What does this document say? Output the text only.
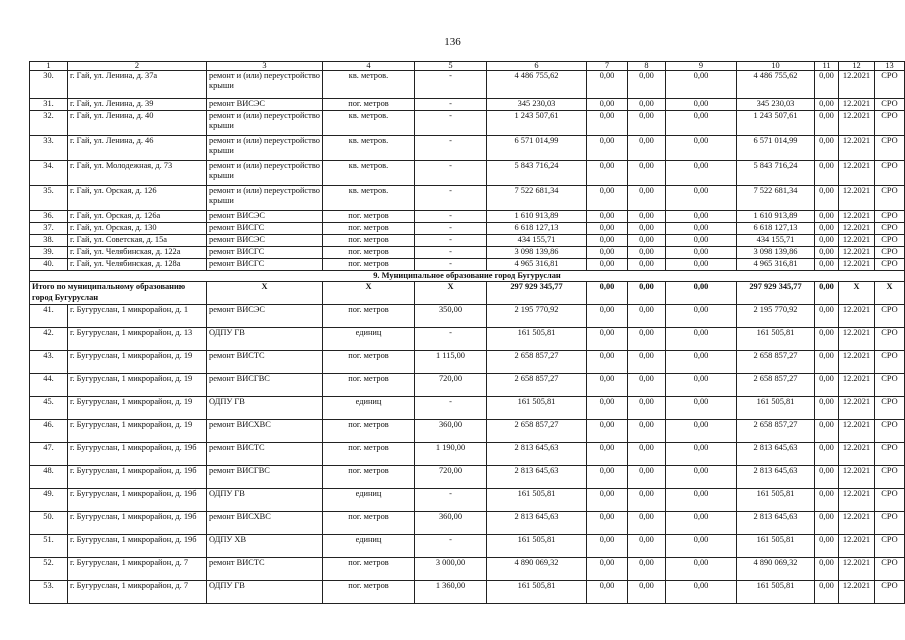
136
1	2	3	4	5	6	7	8	9	10	11	12	13
30.	г. Гай, ул. Ленина, д. 37а	ремонт и (или) переустройство крыши	кв. метров.	-	4 486 755,62	0,00	0,00	0,00	4 486 755,62	0,00	12.2021	СРО
31.	г. Гай, ул. Ленина, д. 39	ремонт ВИСЭС	пог. метров	-	345 230,03	0,00	0,00	0,00	345 230,03	0,00	12.2021	СРО
32.	г. Гай, ул. Ленина, д. 40	ремонт и (или) переустройство крыши	кв. метров.	-	1 243 507,61	0,00	0,00	0,00	1 243 507,61	0,00	12.2021	СРО
33.	г. Гай, ул. Ленина, д. 46	ремонт и (или) переустройство крыши	кв. метров.	-	6 571 014,99	0,00	0,00	0,00	6 571 014,99	0,00	12.2021	СРО
34.	г. Гай, ул. Молодежная, д. 73	ремонт и (или) переустройство крыши	кв. метров.	-	5 843 716,24	0,00	0,00	0,00	5 843 716,24	0,00	12.2021	СРО
35.	г. Гай, ул. Орская, д. 126	ремонт и (или) переустройство крыши	кв. метров.	-	7 522 681,34	0,00	0,00	0,00	7 522 681,34	0,00	12.2021	СРО
36.	г. Гай, ул. Орская, д. 126а	ремонт ВИСЭС	пог. метров	-	1 610 913,89	0,00	0,00	0,00	1 610 913,89	0,00	12.2021	СРО
37.	г. Гай, ул. Орская, д. 130	ремонт ВИСГС	пог. метров	-	6 618 127,13	0,00	0,00	0,00	6 618 127,13	0,00	12.2021	СРО
38.	г. Гай, ул. Советская, д. 15а	ремонт ВИСЭС	пог. метров	-	434 155,71	0,00	0,00	0,00	434 155,71	0,00	12.2021	СРО
39.	г. Гай, ул. Челябинская, д. 122а	ремонт ВИСГС	пог. метров	-	3 098 139,86	0,00	0,00	0,00	3 098 139,86	0,00	12.2021	СРО
40.	г. Гай, ул. Челябинская, д. 128а	ремонт ВИСГС	пог. метров	-	4 965 316,81	0,00	0,00	0,00	4 965 316,81	0,00	12.2021	СРО
9. Муниципальное образование город Бугуруслан												
Итого по муниципальному образованию город Бугуруслан		X	X	X	297 929 345,77	0,00	0,00	0,00	297 929 345,77	0,00	X	X
41.	г. Бугуруслан, 1 микрорайон, д. 1	ремонт ВИСЭС	пог. метров	350,00	2 195 770,92	0,00	0,00	0,00	2 195 770,92	0,00	12.2021	СРО
42.	г. Бугуруслан, 1 микрорайон, д. 13	ОДПУ ГВ	единиц	-	161 505,81	0,00	0,00	0,00	161 505,81	0,00	12.2021	СРО
43.	г. Бугуруслан, 1 микрорайон, д. 19	ремонт ВИСТС	пог. метров	1 115,00	2 658 857,27	0,00	0,00	0,00	2 658 857,27	0,00	12.2021	СРО
44.	г. Бугуруслан, 1 микрорайон, д. 19	ремонт ВИСГВС	пог. метров	720,00	2 658 857,27	0,00	0,00	0,00	2 658 857,27	0,00	12.2021	СРО
45.	г. Бугуруслан, 1 микрорайон, д. 19	ОДПУ ГВ	единиц	-	161 505,81	0,00	0,00	0,00	161 505,81	0,00	12.2021	СРО
46.	г. Бугуруслан, 1 микрорайон, д. 19	ремонт ВИСХВС	пог. метров	360,00	2 658 857,27	0,00	0,00	0,00	2 658 857,27	0,00	12.2021	СРО
47.	г. Бугуруслан, 1 микрорайон, д. 19б	ремонт ВИСТС	пог. метров	1 190,00	2 813 645,63	0,00	0,00	0,00	2 813 645,63	0,00	12.2021	СРО
48.	г. Бугуруслан, 1 микрорайон, д. 19б	ремонт ВИСГВС	пог. метров	720,00	2 813 645,63	0,00	0,00	0,00	2 813 645,63	0,00	12.2021	СРО
49.	г. Бугуруслан, 1 микрорайон, д. 19б	ОДПУ ГВ	единиц	-	161 505,81	0,00	0,00	0,00	161 505,81	0,00	12.2021	СРО
50.	г. Бугуруслан, 1 микрорайон, д. 19б	ремонт ВИСХВС	пог. метров	360,00	2 813 645,63	0,00	0,00	0,00	2 813 645,63	0,00	12.2021	СРО
51.	г. Бугуруслан, 1 микрорайон, д. 19б	ОДПУ ХВ	единиц	-	161 505,81	0,00	0,00	0,00	161 505,81	0,00	12.2021	СРО
52.	г. Бугуруслан, 1 микрорайон, д. 7	ремонт ВИСТС	пог. метров	3 000,00	4 890 069,32	0,00	0,00	0,00	4 890 069,32	0,00	12.2021	СРО
53.	г. Бугуруслан, 1 микрорайон, д. 7	ОДПУ ГВ	пог. метров	1 360,00	161 505,81	0,00	0,00	0,00	161 505,81	0,00	12.2021	СРО
